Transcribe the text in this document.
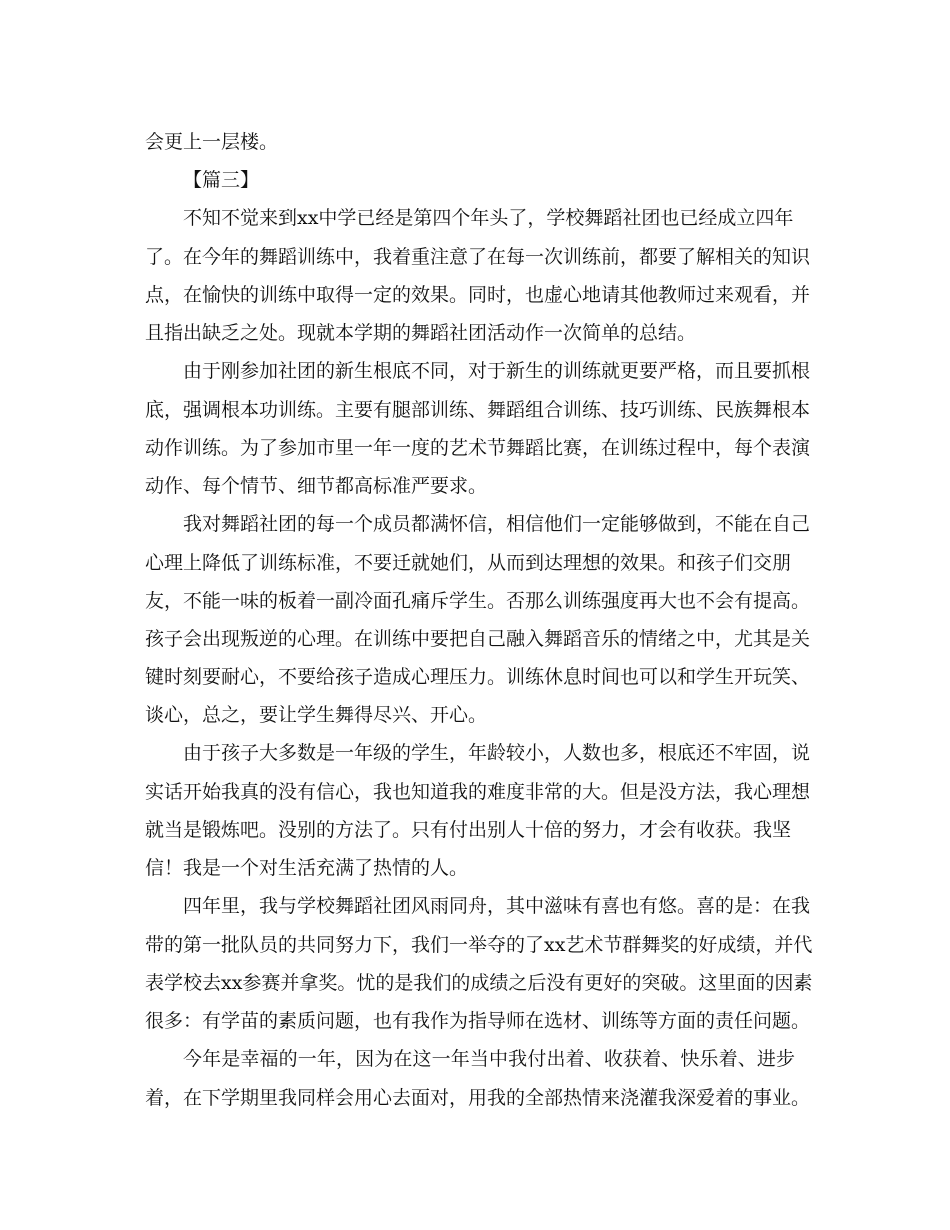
会更上一层楼。
【篇三】
不知不觉来到xx中学已经是第四个年头了，学校舞蹈社团也已经成立四年
了。在今年的舞蹈训练中，我着重注意了在每一次训练前，都要了解相关的知识
点，在愉快的训练中取得一定的效果。同时，也虚心地请其他教师过来观看，并
且指出缺乏之处。现就本学期的舞蹈社团活动作一次简单的总结。
由于刚参加社团的新生根底不同，对于新生的训练就更要严格，而且要抓根
底，强调根本功训练。主要有腿部训练、舞蹈组合训练、技巧训练、民族舞根本
动作训练。为了参加市里一年一度的艺术节舞蹈比赛，在训练过程中，每个表演
动作、每个情节、细节都高标准严要求。
我对舞蹈社团的每一个成员都满怀信，相信他们一定能够做到，不能在自己
心理上降低了训练标准，不要迁就她们，从而到达理想的效果。和孩子们交朋
友，不能一味的板着一副冷面孔痛斥学生。否那么训练强度再大也不会有提高。
孩子会出现叛逆的心理。在训练中要把自己融入舞蹈音乐的情绪之中，尤其是关
键时刻要耐心，不要给孩子造成心理压力。训练休息时间也可以和学生开玩笑、
谈心，总之，要让学生舞得尽兴、开心。
由于孩子大多数是一年级的学生，年龄较小，人数也多，根底还不牢固，说
实话开始我真的没有信心，我也知道我的难度非常的大。但是没方法，我心理想
就当是锻炼吧。没别的方法了。只有付出别人十倍的努力，才会有收获。我坚
信！我是一个对生活充满了热情的人。
四年里，我与学校舞蹈社团风雨同舟，其中滋味有喜也有悠。喜的是：在我
带的第一批队员的共同努力下，我们一举夺的了xx艺术节群舞奖的好成绩，并代
表学校去xx参赛并拿奖。忧的是我们的成绩之后没有更好的突破。这里面的因素
很多：有学苗的素质问题，也有我作为指导师在选材、训练等方面的责任问题。
今年是幸福的一年，因为在这一年当中我付出着、收获着、快乐着、进步
着，在下学期里我同样会用心去面对，用我的全部热情来浇灌我深爱着的事业。
